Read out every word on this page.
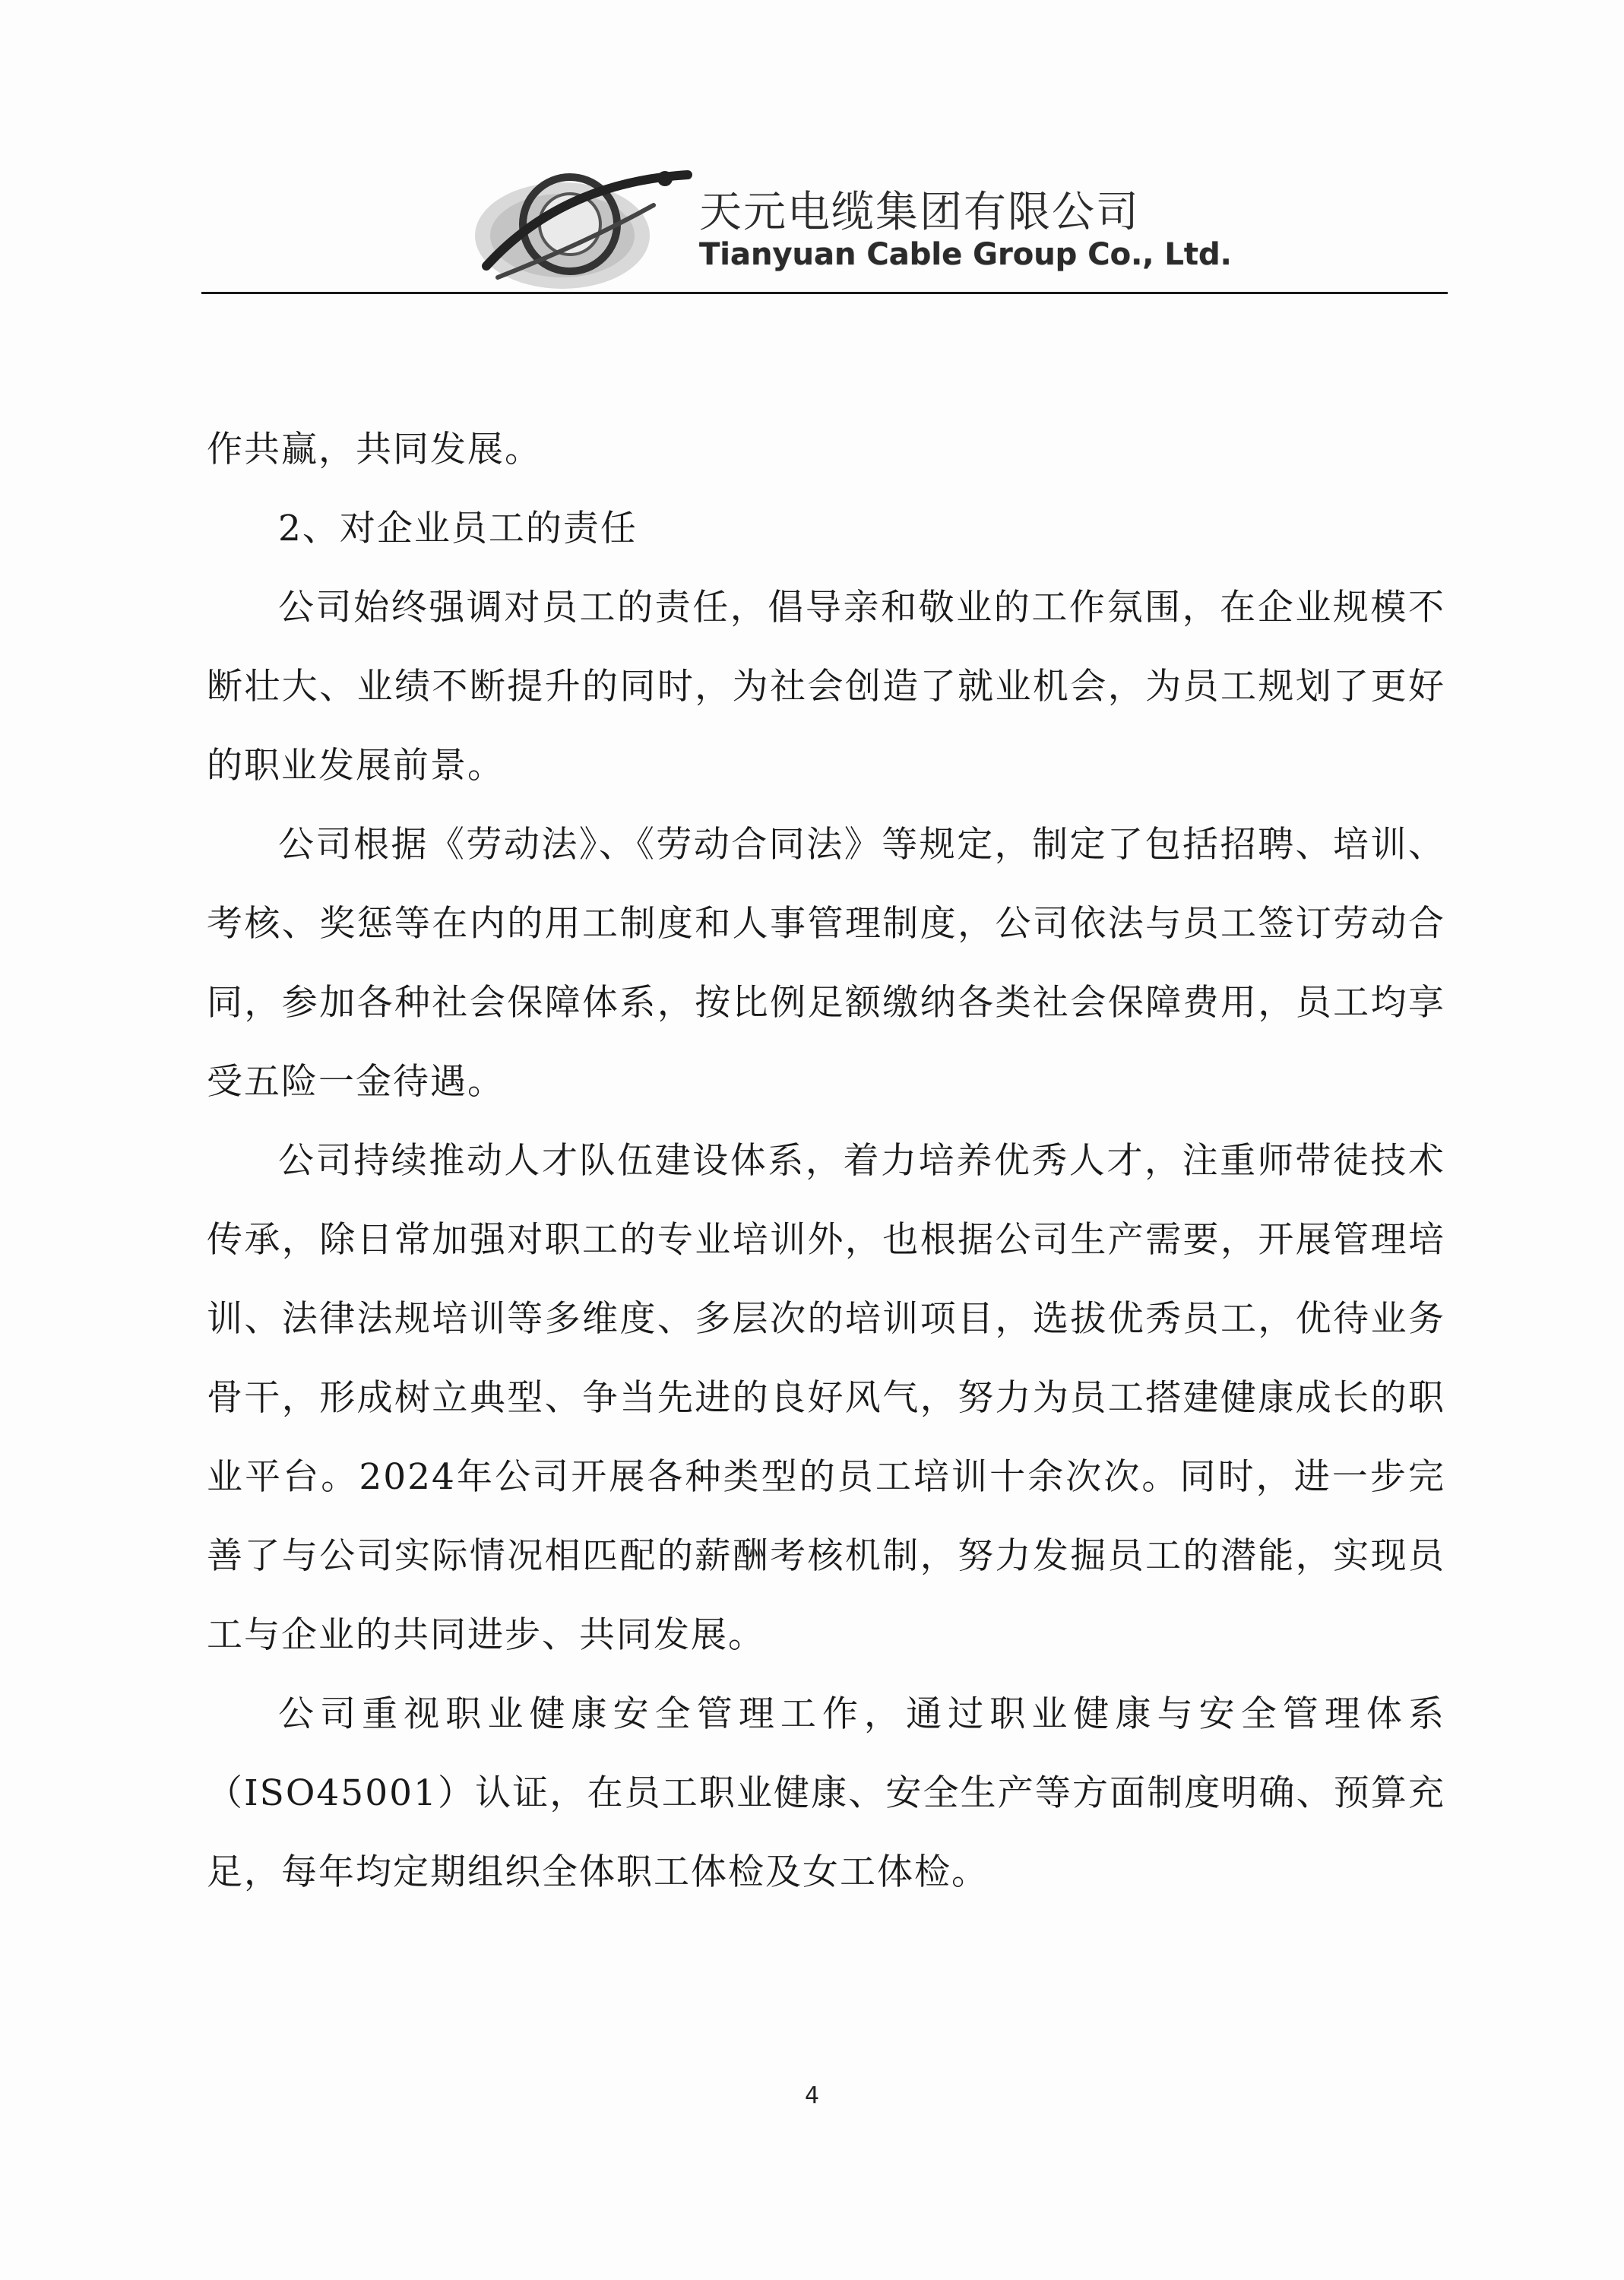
天元电缆集团有限公司
Tianyuan Cable Group Co., Ltd.

作共赢，共同发展。

2、对企业员工的责任

公司始终强调对员工的责任，倡导亲和敬业的工作氛围，在企业规模不断壮大、业绩不断提升的同时，为社会创造了就业机会，为员工规划了更好的职业发展前景。

公司根据《劳动法》、《劳动合同法》等规定，制定了包括招聘、培训、考核、奖惩等在内的用工制度和人事管理制度，公司依法与员工签订劳动合同，参加各种社会保障体系，按比例足额缴纳各类社会保障费用，员工均享受五险一金待遇。

公司持续推动人才队伍建设体系，着力培养优秀人才，注重师带徒技术传承，除日常加强对职工的专业培训外，也根据公司生产需要，开展管理培训、法律法规培训等多维度、多层次的培训项目，选拔优秀员工，优待业务骨干，形成树立典型、争当先进的良好风气，努力为员工搭建健康成长的职业平台。2024年公司开展各种类型的员工培训十余次次。同时，进一步完善了与公司实际情况相匹配的薪酬考核机制，努力发掘员工的潜能，实现员工与企业的共同进步、共同发展。

公司重视职业健康安全管理工作，通过职业健康与安全管理体系（ISO45001）认证，在员工职业健康、安全生产等方面制度明确、预算充足，每年均定期组织全体职工体检及女工体检。

4
